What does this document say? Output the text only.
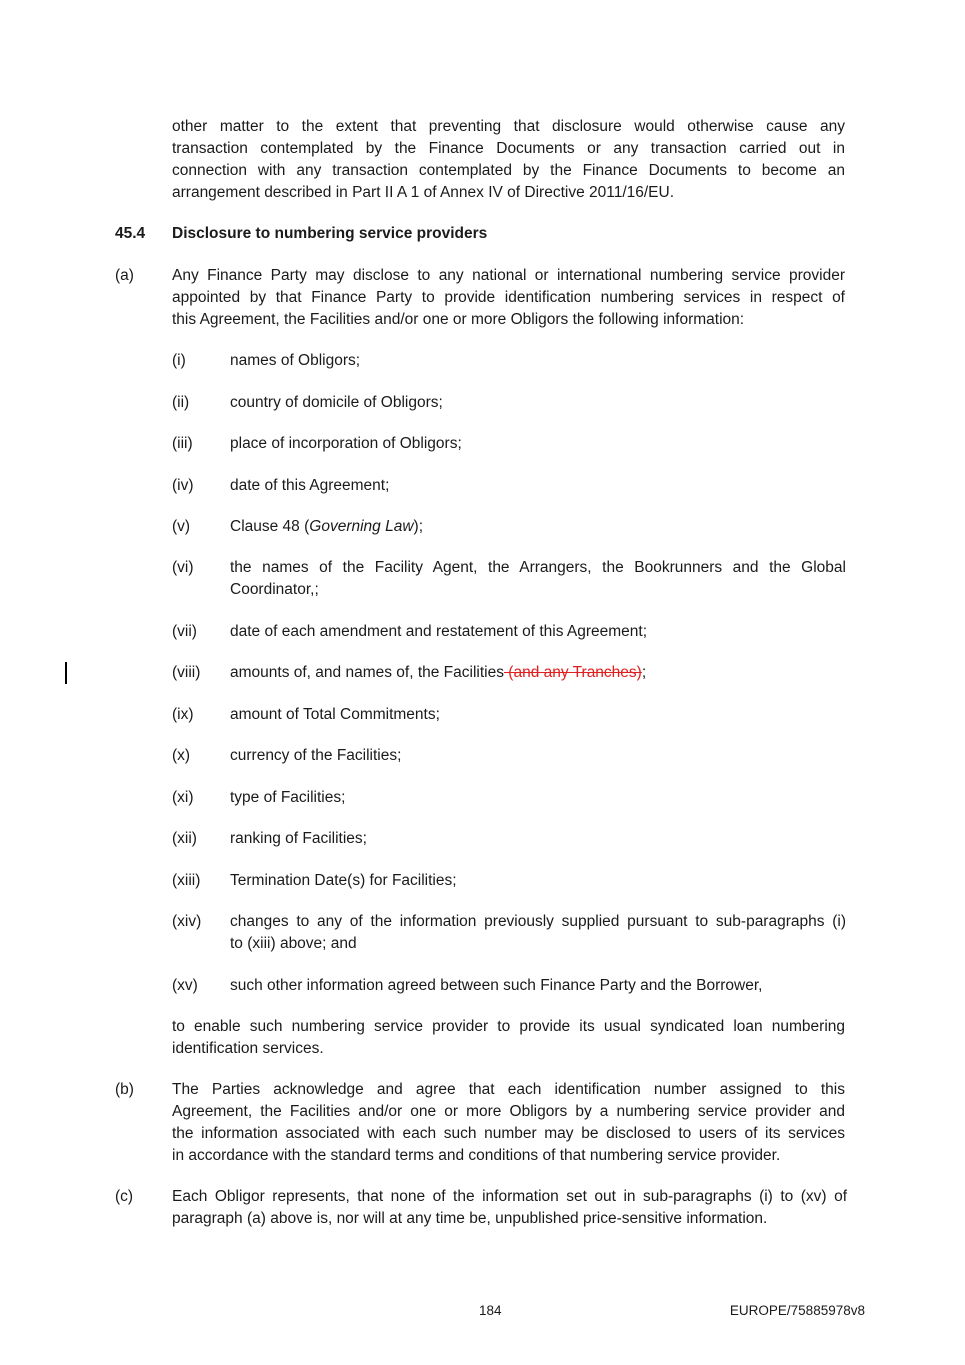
other matter to the extent that preventing that disclosure would otherwise cause any
transaction contemplated by the Finance Documents or any transaction carried out in
connection with any transaction contemplated by the Finance Documents to become an
arrangement described in Part II A 1 of Annex IV of Directive 2011/16/EU.
45.4 Disclosure to numbering service providers
(a) Any Finance Party may disclose to any national or international numbering service provider
appointed by that Finance Party to provide identification numbering services in respect of
this Agreement, the Facilities and/or one or more Obligors the following information:
(i)	names of Obligors;
(ii)	country of domicile of Obligors;
(iii) place of incorporation of Obligors;
(iv) date of this Agreement;
(v)	Clause 48 (Governing Law);
(vi) the names of the Facility Agent, the Arrangers, the Bookrunners and the Global
Coordinator,;
(vii) date of each amendment and restatement of this Agreement;
(viii) amounts of, and names of, the Facilities (and any Tranches);
(ix) amount of Total Commitments;
(x)	currency of the Facilities;
(xi) type of Facilities;
(xii) ranking of Facilities;
(xiii) Termination Date(s) for Facilities;
(xiv) changes to any of the information previously supplied pursuant to sub-paragraphs (i)
to (xiii) above; and
(xv) such other information agreed between such Finance Party and the Borrower,
to enable such numbering service provider to provide its usual syndicated loan numbering
identification services.
(b) The Parties acknowledge and agree that each identification number assigned to this
Agreement, the Facilities and/or one or more Obligors by a numbering service provider and
the information associated with each such number may be disclosed to users of its services
in accordance with the standard terms and conditions of that numbering service provider.
(c)	Each Obligor represents, that none of the information set out in sub-paragraphs (i) to (xv) of
paragraph (a) above is, nor will at any time be, unpublished price-sensitive information.
184	EUROPE/75885978v8
